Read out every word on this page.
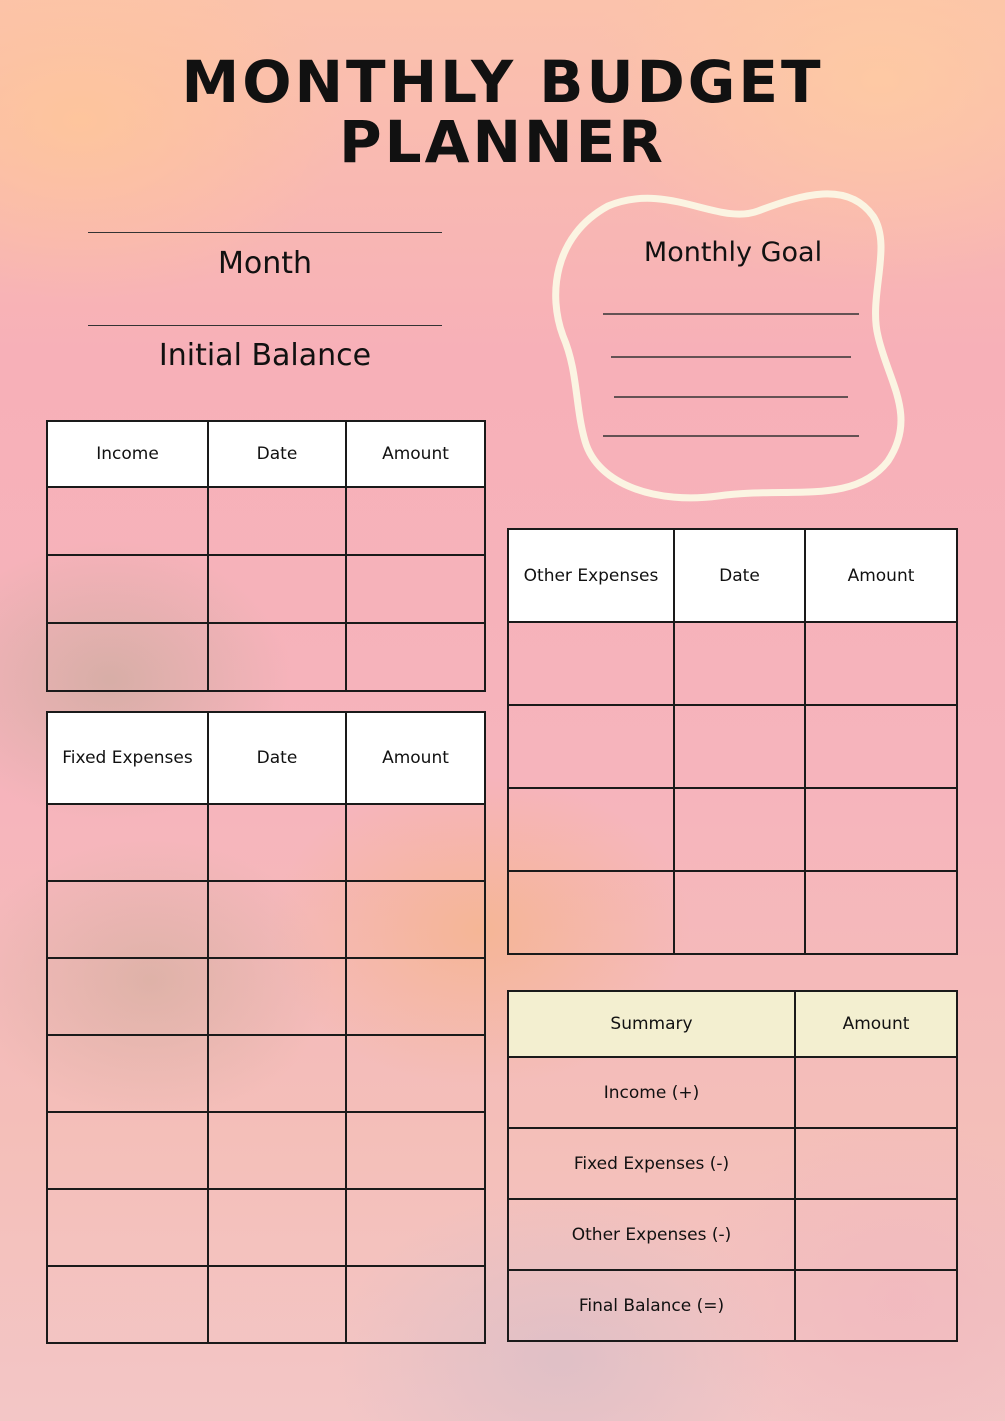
MONTHLY BUDGET
PLANNER
Month
Initial Balance
Monthly Goal
Income	Date	Amount

Fixed Expenses	Date	Amount

Other Expenses	Date	Amount

Summary	Amount
Income (+)	
Fixed Expenses (-)	
Other Expenses (-)	
Final Balance (=)	
